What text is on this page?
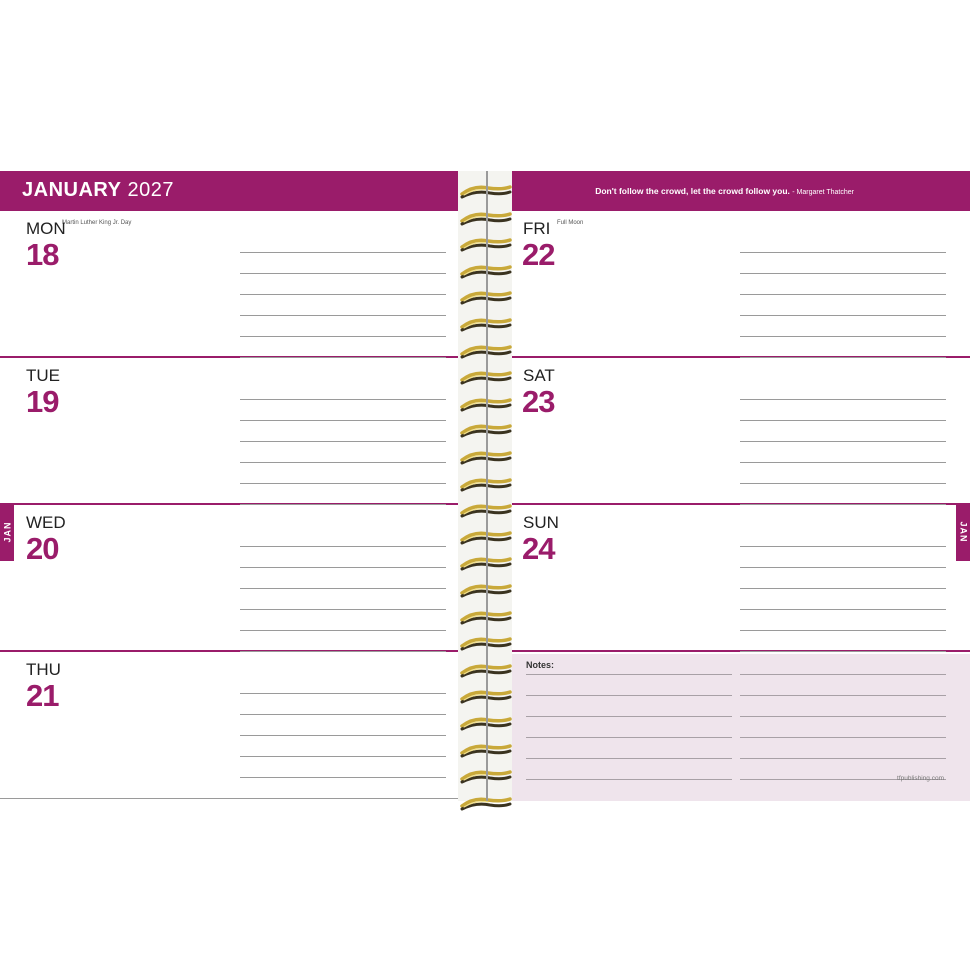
JANUARY 2027	Don't follow the crowd, let the crowd follow you. - Margaret Thatcher
MON
18
Martin Luther King Jr. Day
TUE
19
WED
20
THU
21
FRI
22
Full Moon
SAT
23
SUN
24
Notes:
tfpublishing.com
JAN	JAN
